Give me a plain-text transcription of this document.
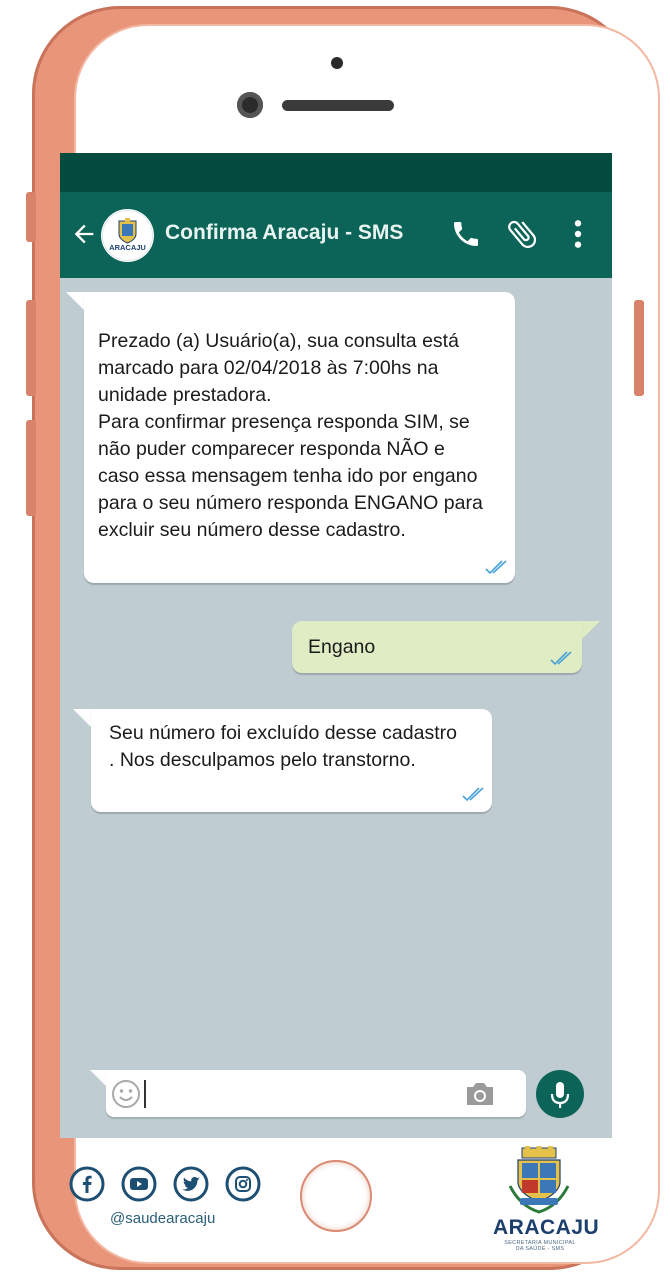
ARACAJU
Confirma Aracaju - SMS
Prezado (a) Usuário(a), sua consulta está
marcado para 02/04/2018 às 7:00hs na
unidade prestadora.
Para confirmar presença responda SIM, se
não puder comparecer responda NÃO e
caso essa mensagem tenha ido por engano
para o seu número responda ENGANO para
excluir seu número desse cadastro.
Engano
Seu número foi excluído desse cadastro
. Nos desculpamos pelo transtorno.
@saudearacaju	ARACAJU
SECRETARIA MUNICIPAL DA SAÚDE - SMS
